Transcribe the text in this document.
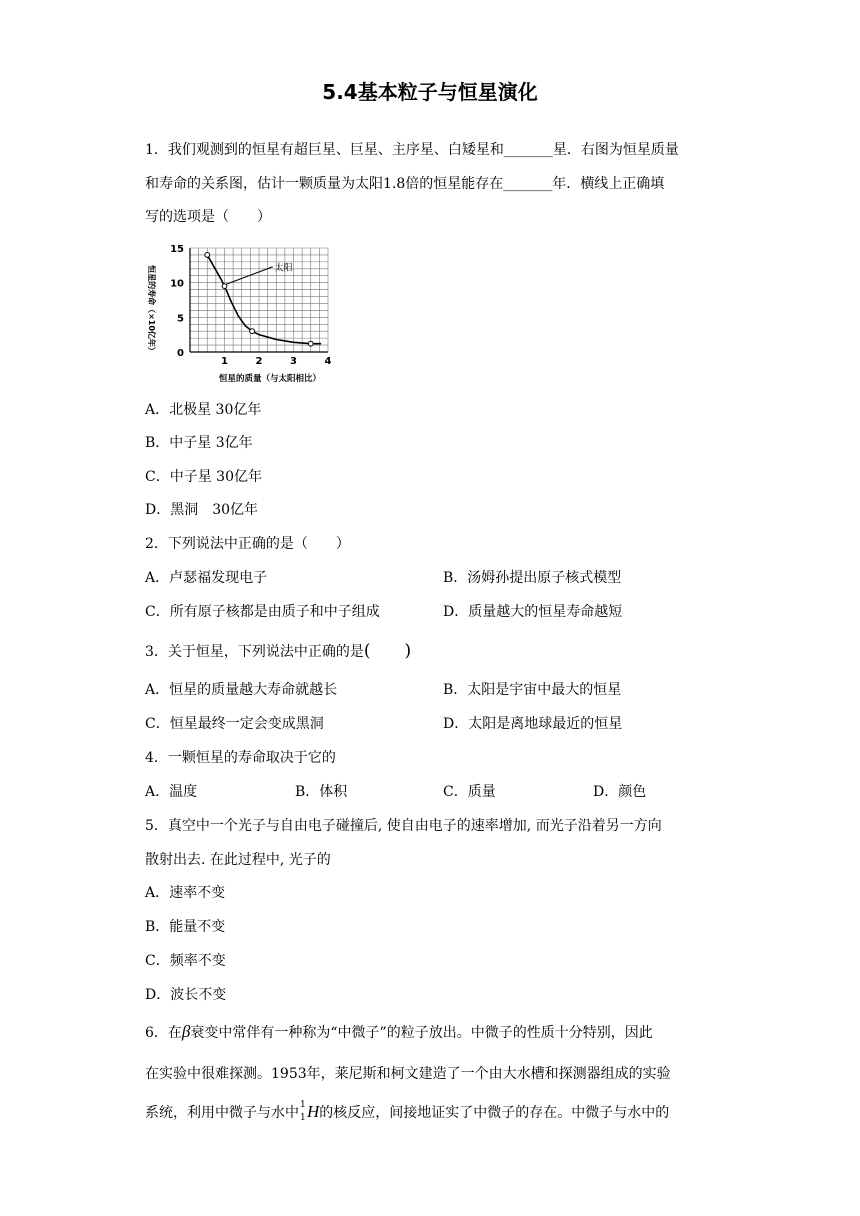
5.4基本粒子与恒星演化
1．我们观测到的恒星有超巨星、巨星、主序星、白矮星和_______星．右图为恒星质量
和寿命的关系图，估计一颗质量为太阳1.8倍的恒星能存在_______年．横线上正确填
写的选项是（　　）
1	2	3	4
0
5
10
15
太阳
恒星的寿命（×10亿年）
恒星的质量（与太阳相比）
A．北极星 30亿年
B．中子星 3亿年
C．中子星 30亿年
D．黑洞　30亿年
2．下列说法中正确的是（　　）
A．卢瑟福发现电子	B．汤姆孙提出原子核式模型
C．所有原子核都是由质子和中子组成	D．质量越大的恒星寿命越短
3．关于恒星，下列说法中正确的是(　　)
A．恒星的质量越大寿命就越长	B．太阳是宇宙中最大的恒星
C．恒星最终一定会变成黑洞	D．太阳是离地球最近的恒星
4．一颗恒星的寿命取决于它的
A．温度	B．体积	C．质量	D．颜色
5．真空中一个光子与自由电子碰撞后, 使自由电子的速率增加, 而光子沿着另一方向
散射出去. 在此过程中, 光子的
A．速率不变
B．能量不变
C．频率不变
D．波长不变
6．在β衰变中常伴有一种称为“中微子”的粒子放出。中微子的性质十分特别，因此
在实验中很难探测。1953年，莱尼斯和柯文建造了一个由大水槽和探测器组成的实验
系统，利用中微子与水中 1
1 H的核反应，间接地证实了中微子的存在。中微子与水中的
